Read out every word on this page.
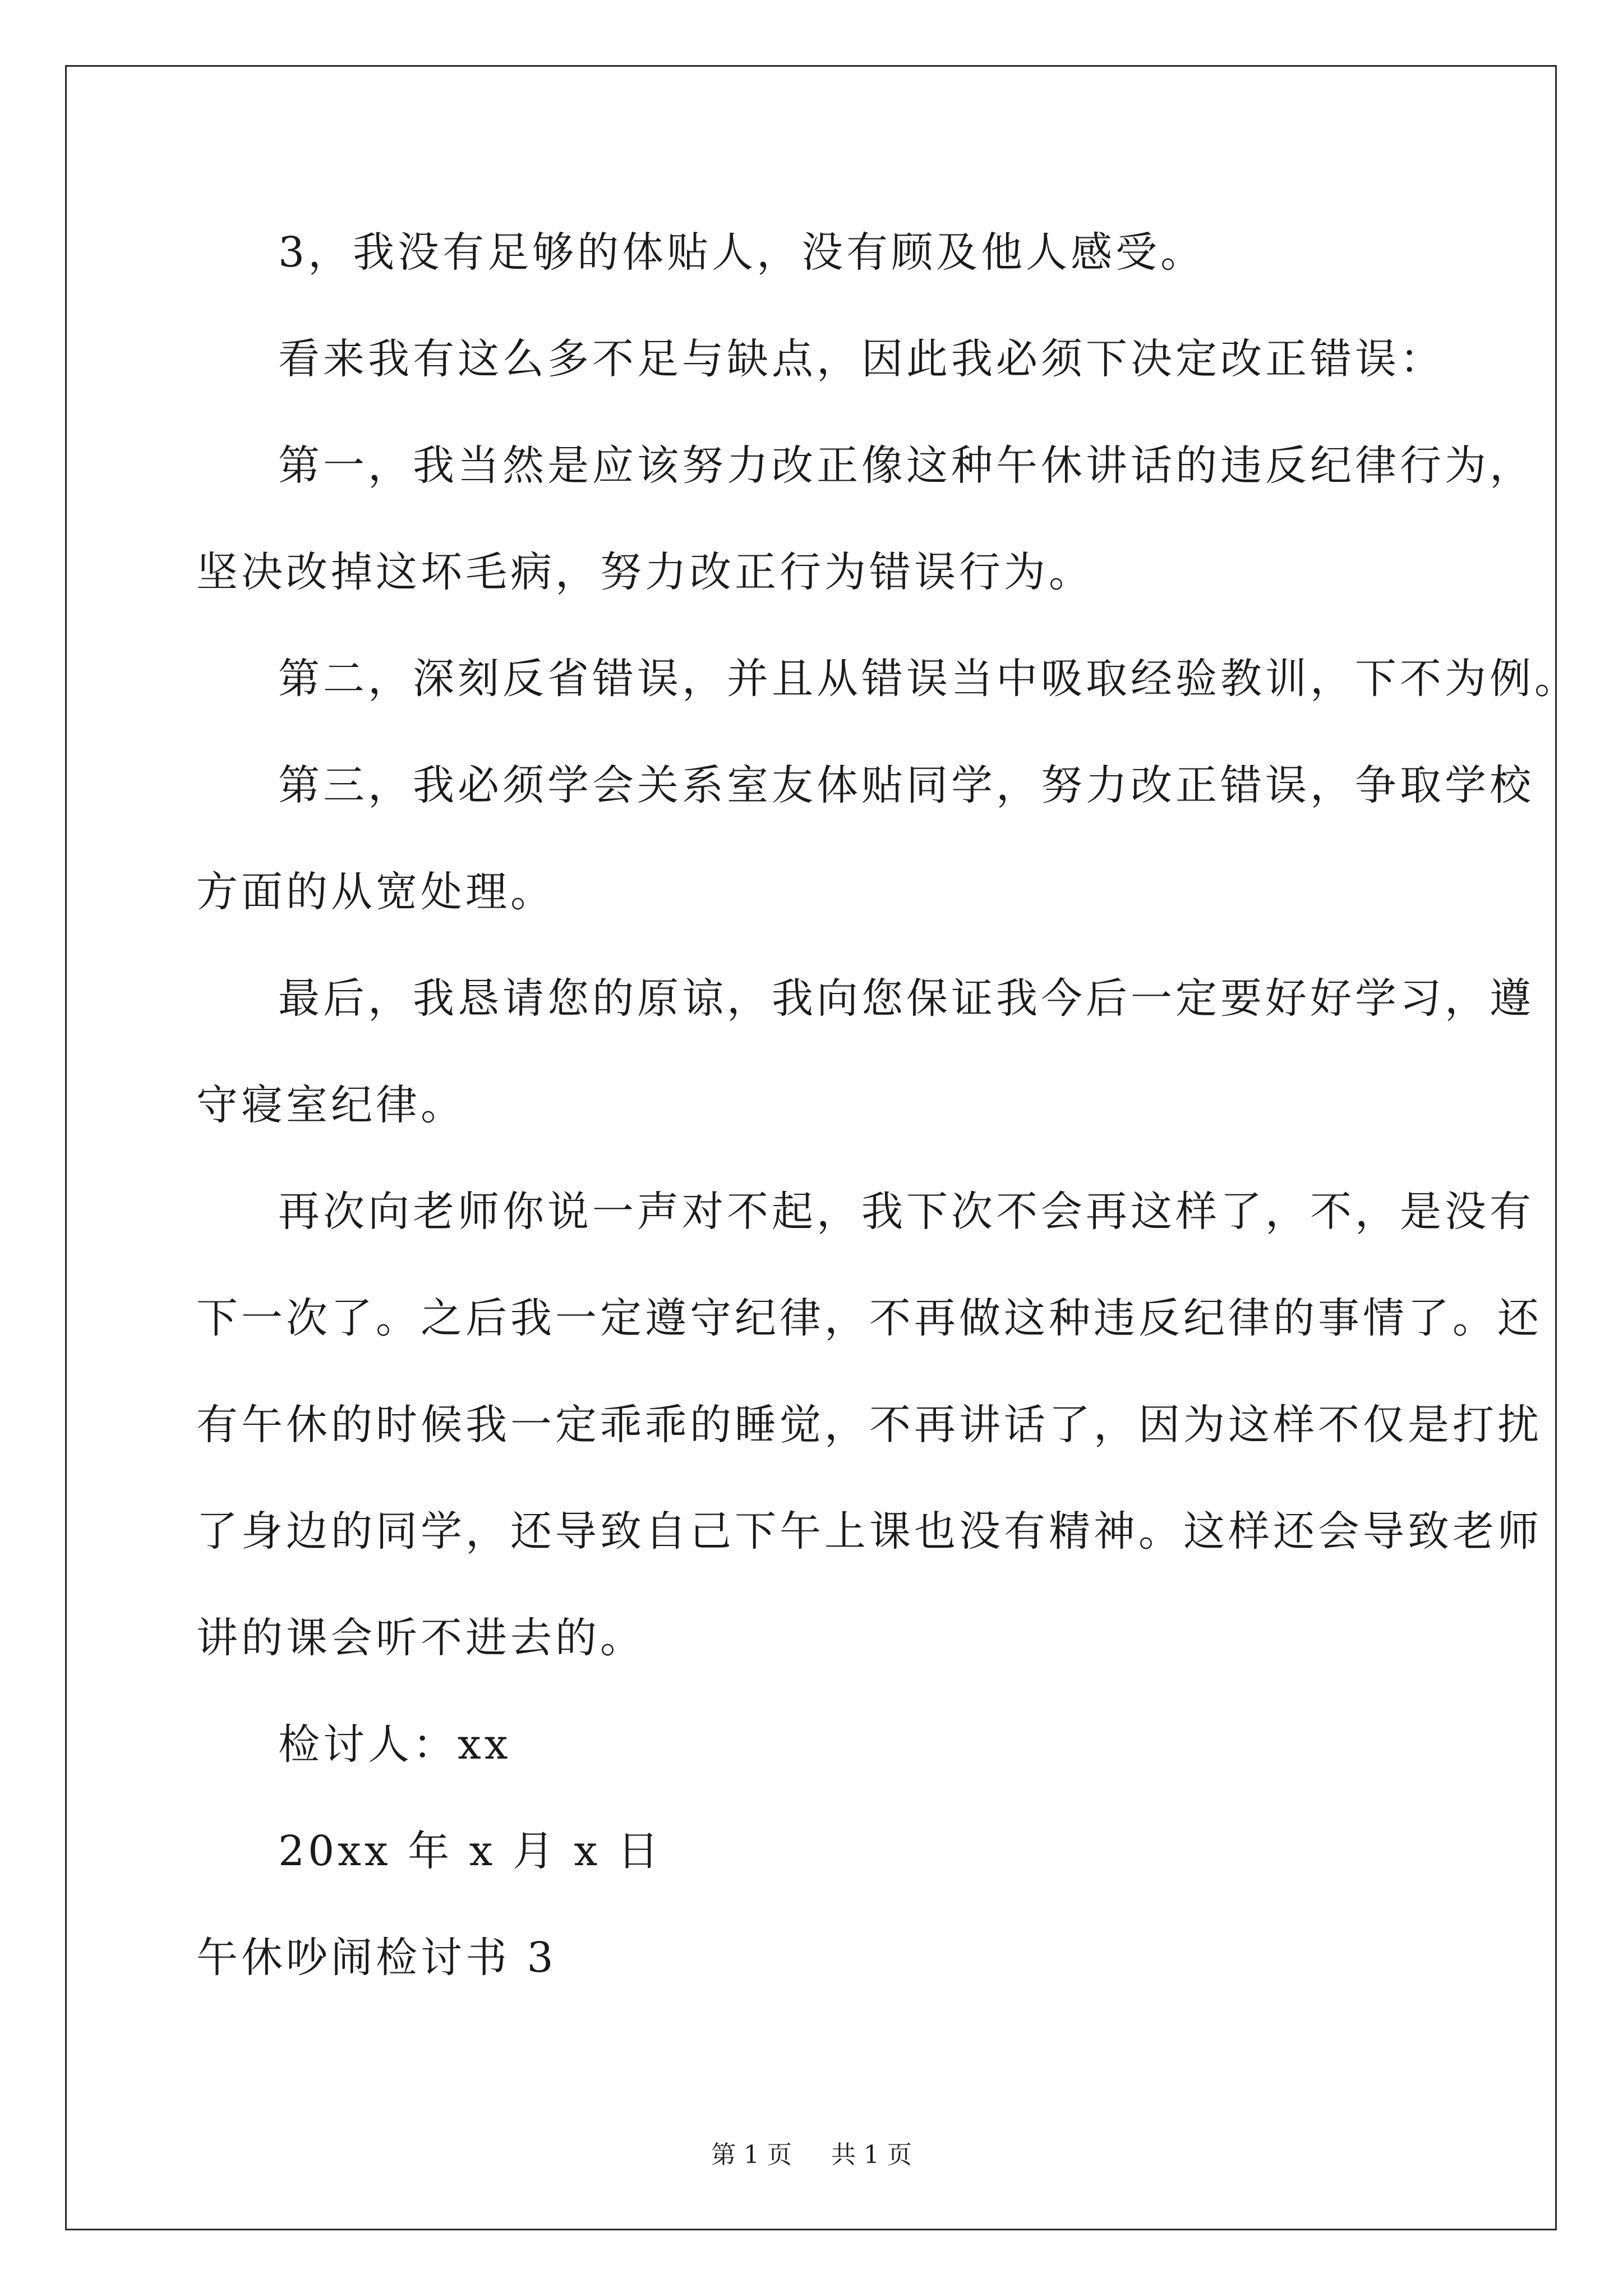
3，我没有足够的体贴人，没有顾及他人感受。
看来我有这么多不足与缺点，因此我必须下决定改正错误：
第一，我当然是应该努力改正像这种午休讲话的违反纪律行为，
坚决改掉这坏毛病，努力改正行为错误行为。
第二，深刻反省错误，并且从错误当中吸取经验教训，下不为例。
第三，我必须学会关系室友体贴同学，努力改正错误，争取学校
方面的从宽处理。
最后，我恳请您的原谅，我向您保证我今后一定要好好学习，遵
守寝室纪律。
再次向老师你说一声对不起，我下次不会再这样了，不，是没有
下一次了。之后我一定遵守纪律，不再做这种违反纪律的事情了。还
有午休的时候我一定乖乖的睡觉，不再讲话了，因为这样不仅是打扰
了身边的同学，还导致自己下午上课也没有精神。这样还会导致老师
讲的课会听不进去的。
检讨人：xx
20xx 年 x 月 x 日
午休吵闹检讨书 3
第 1 页 共 1 页
